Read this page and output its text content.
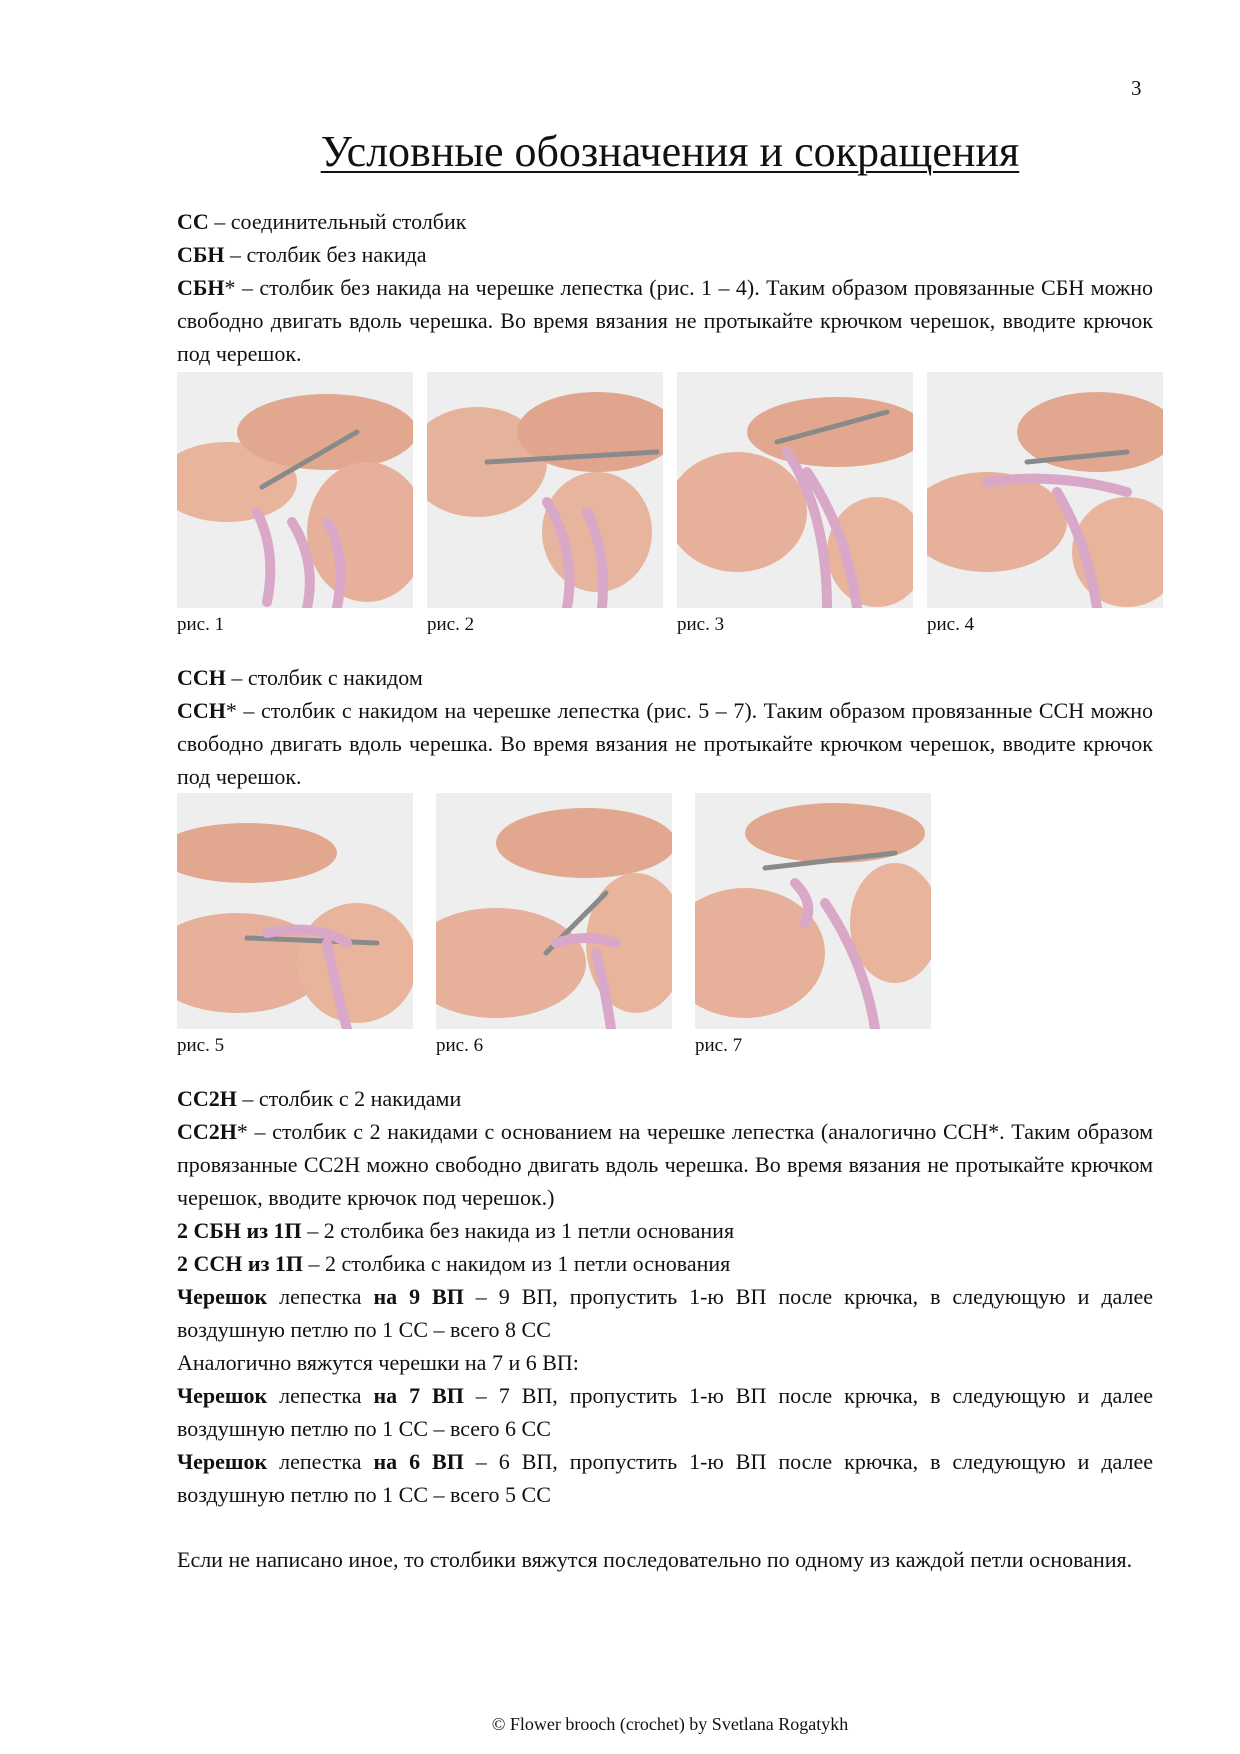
3
Условные обозначения и сокращения

СС – соединительный столбик

СБН – столбик без накида

СБН* – столбик без накида на черешке лепестка (рис. 1 – 4). Таким образом провязанные СБН можно свободно двигать вдоль черешка. Во время вязания не протыкайте крючком черешок, вводите крючок под черешок.

рис. 1	рис. 2	рис. 3	рис. 4

ССН – столбик с накидом

ССН* – столбик с накидом на черешке лепестка (рис. 5 – 7). Таким образом провязанные ССН можно свободно двигать вдоль черешка. Во время вязания не протыкайте крючком черешок, вводите крючок под черешок.

рис. 5	рис. 6	рис. 7

СС2Н – столбик с 2 накидами

СС2Н* – столбик с 2 накидами с основанием на черешке лепестка (аналогично ССН*. Таким образом провязанные СС2Н можно свободно двигать вдоль черешка. Во время вязания не протыкайте крючком черешок, вводите крючок под черешок.)

2 СБН из 1П – 2 столбика без накида из 1 петли основания

2 ССН из 1П – 2 столбика с накидом из 1 петли основания

Черешок лепестка на 9 ВП – 9 ВП, пропустить 1-ю ВП после крючка, в следующую и далее воздушную петлю по 1 СС – всего 8 СС

Аналогично вяжутся черешки на 7 и 6 ВП:

Черешок лепестка на 7 ВП – 7 ВП, пропустить 1-ю ВП после крючка, в следующую и далее воздушную петлю по 1 СС – всего 6 СС

Черешок лепестка на 6 ВП – 6 ВП, пропустить 1-ю ВП после крючка, в следующую и далее воздушную петлю по 1 СС – всего 5 СС

Если не написано иное, то столбики вяжутся последовательно по одному из каждой петли основания.

© Flower brooch (crochet) by Svetlana Rogatykh
